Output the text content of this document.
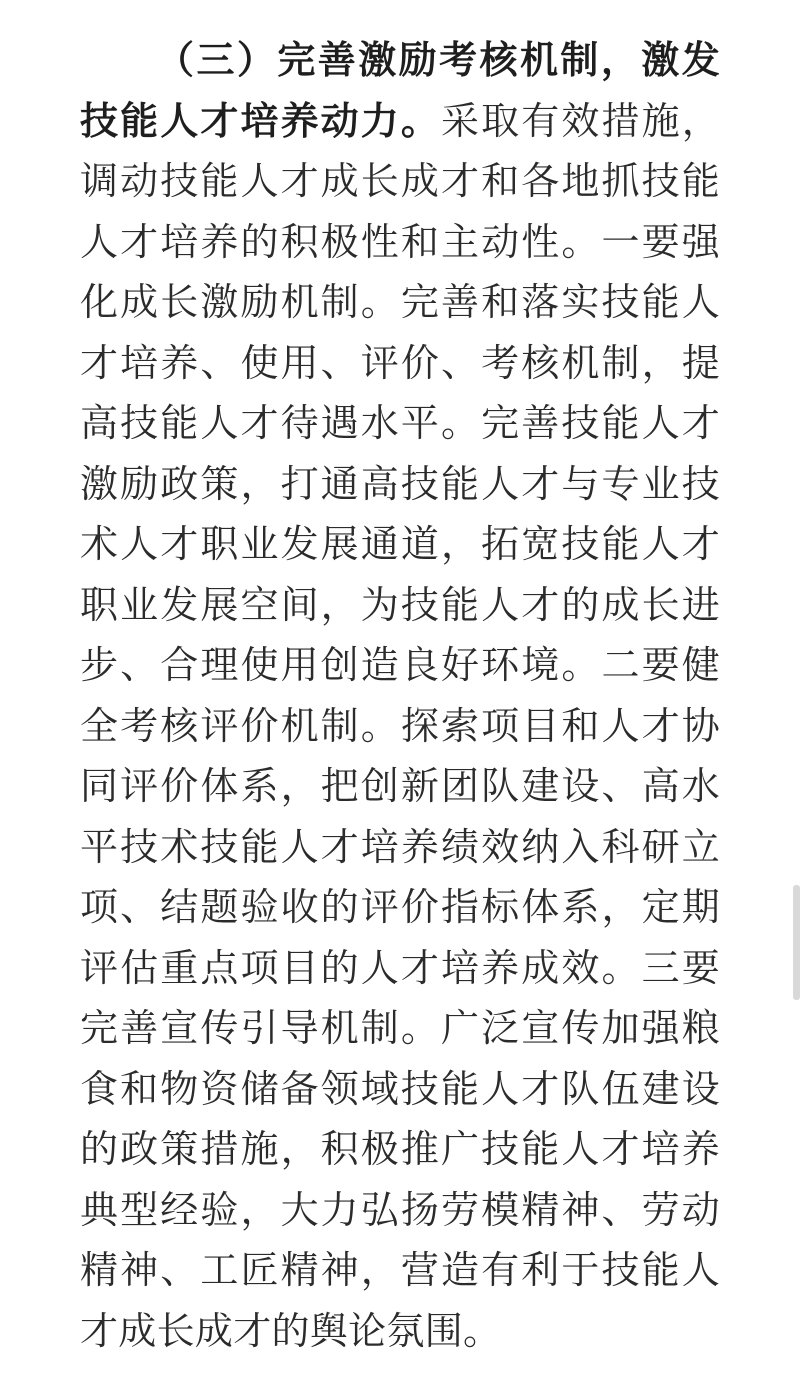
（三）完善激励考核机制，激发技能人才培养动力。采取有效措施，调动技能人才成长成才和各地抓技能人才培养的积极性和主动性。一要强化成长激励机制。完善和落实技能人才培养、使用、评价、考核机制，提高技能人才待遇水平。完善技能人才激励政策，打通高技能人才与专业技术人才职业发展通道，拓宽技能人才职业发展空间，为技能人才的成长进步、合理使用创造良好环境。二要健全考核评价机制。探索项目和人才协同评价体系，把创新团队建设、高水平技术技能人才培养绩效纳入科研立项、结题验收的评价指标体系，定期评估重点项目的人才培养成效。三要完善宣传引导机制。广泛宣传加强粮食和物资储备领域技能人才队伍建设的政策措施，积极推广技能人才培养典型经验，大力弘扬劳模精神、劳动精神、工匠精神，营造有利于技能人才成长成才的舆论氛围。
